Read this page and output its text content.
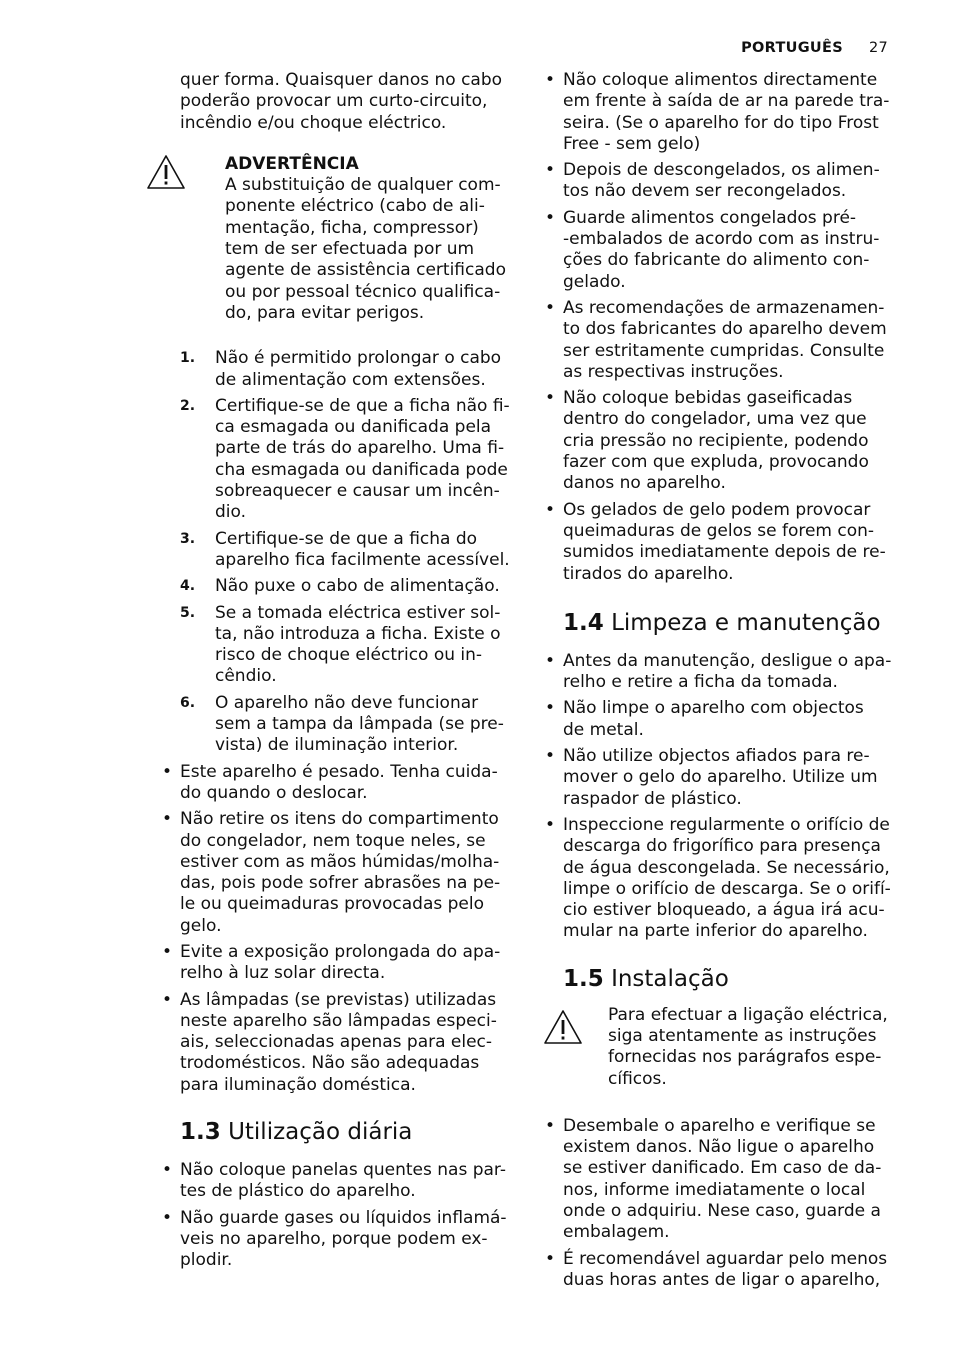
PORTUGUÊS 27

quer forma. Quaisquer danos no cabo
poderão provocar um curto-circuito,
incêndio e/ou choque eléctrico.

ADVERTÊNCIA
A substituição de qualquer com-
ponente eléctrico (cabo de ali-
mentação, ficha, compressor)
tem de ser efectuada por um
agente de assistência certificado
ou por pessoal técnico qualifica-
do, para evitar perigos.
1. Não é permitido prolongar o cabo
de alimentação com extensões.
2. Certifique-se de que a ficha não fi-
ca esmagada ou danificada pela
parte de trás do aparelho. Uma fi-
cha esmagada ou danificada pode
sobreaquecer e causar um incên-
dio.
3. Certifique-se de que a ficha do
aparelho fica facilmente acessível.
4. Não puxe o cabo de alimentação.
5. Se a tomada eléctrica estiver sol-
ta, não introduza a ficha. Existe o
risco de choque eléctrico ou in-
cêndio.
6. O aparelho não deve funcionar
sem a tampa da lâmpada (se pre-
vista) de iluminação interior.
• Este aparelho é pesado. Tenha cuida-
do quando o deslocar.
• Não retire os itens do compartimento
do congelador, nem toque neles, se
estiver com as mãos húmidas/molha-
das, pois pode sofrer abrasões na pe-
le ou queimaduras provocadas pelo
gelo.
• Evite a exposição prolongada do apa-
relho à luz solar directa.
• As lâmpadas (se previstas) utilizadas
neste aparelho são lâmpadas especi-
ais, seleccionadas apenas para elec-
trodomésticos. Não são adequadas
para iluminação doméstica.
1.3 Utilização diária
• Não coloque panelas quentes nas par-
tes de plástico do aparelho.
• Não guarde gases ou líquidos inflamá-
veis no aparelho, porque podem ex-
plodir.
• Não coloque alimentos directamente
em frente à saída de ar na parede tra-
seira. (Se o aparelho for do tipo Frost
Free - sem gelo)
• Depois de descongelados, os alimen-
tos não devem ser recongelados.
• Guarde alimentos congelados pré-
-embalados de acordo com as instru-
ções do fabricante do alimento con-
gelado.
• As recomendações de armazenamen-
to dos fabricantes do aparelho devem
ser estritamente cumpridas. Consulte
as respectivas instruções.
• Não coloque bebidas gaseificadas
dentro do congelador, uma vez que
cria pressão no recipiente, podendo
fazer com que expluda, provocando
danos no aparelho.
• Os gelados de gelo podem provocar
queimaduras de gelos se forem con-
sumidos imediatamente depois de re-
tirados do aparelho.
1.4 Limpeza e manutenção
• Antes da manutenção, desligue o apa-
relho e retire a ficha da tomada.
• Não limpe o aparelho com objectos
de metal.
• Não utilize objectos afiados para re-
mover o gelo do aparelho. Utilize um
raspador de plástico.
• Inspeccione regularmente o orifício de
descarga do frigorífico para presença
de água descongelada. Se necessário,
limpe o orifício de descarga. Se o orifí-
cio estiver bloqueado, a água irá acu-
mular na parte inferior do aparelho.
1.5 Instalação
Para efectuar a ligação eléctrica,
siga atentamente as instruções
fornecidas nos parágrafos espe-
cíficos.
• Desembale o aparelho e verifique se
existem danos. Não ligue o aparelho
se estiver danificado. Em caso de da-
nos, informe imediatamente o local
onde o adquiriu. Nese caso, guarde a
embalagem.
• É recomendável aguardar pelo menos
duas horas antes de ligar o aparelho,
